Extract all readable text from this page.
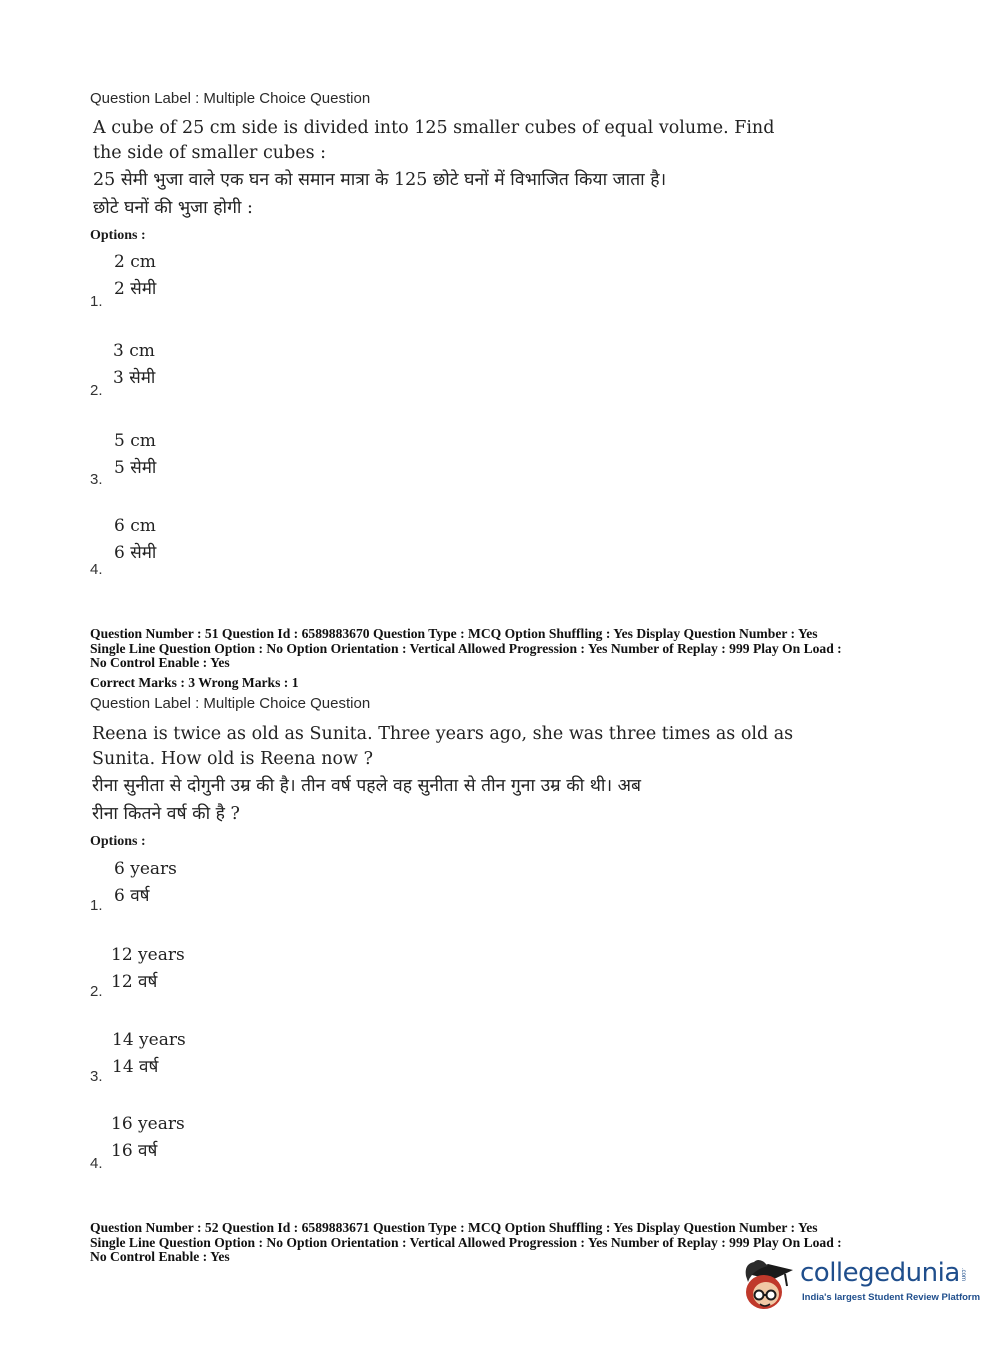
Question Label : Multiple Choice Question

A cube of 25 cm side is divided into 125 smaller cubes of equal volume. Find

the side of smaller cubes :

25 सेमी भुजा वाले एक घन को समान मात्रा के 125 छोटे घनों में विभाजित किया जाता है।

छोटे घनों की भुजा होगी :

Options :
2 cm
2 सेमी
1.
3 cm
3 सेमी
2.
5 cm
5 सेमी
3.
6 cm
6 सेमी
4.

Question Number : 51 Question Id : 6589883670 Question Type : MCQ Option Shuffling : Yes Display Question Number : Yes

Single Line Question Option : No Option Orientation : Vertical Allowed Progression : Yes Number of Replay : 999 Play On Load :

No Control Enable : Yes

Correct Marks : 3 Wrong Marks : 1
Question Label : Multiple Choice Question

Reena is twice as old as Sunita. Three years ago, she was three times as old as

Sunita. How old is Reena now ?

रीना सुनीता से दोगुनी उम्र की है। तीन वर्ष पहले वह सुनीता से तीन गुना उम्र की थी। अब

रीना कितने वर्ष की है ?

Options :
6 years
6 वर्ष
1.
12 years
12 वर्ष
2.
14 years
14 वर्ष
3.
16 years
16 वर्ष
4.

Question Number : 52 Question Id : 6589883671 Question Type : MCQ Option Shuffling : Yes Display Question Number : Yes

Single Line Question Option : No Option Orientation : Vertical Allowed Progression : Yes Number of Replay : 999 Play On Load :

No Control Enable : Yes

collegedunia .com
India's largest Student Review Platform
